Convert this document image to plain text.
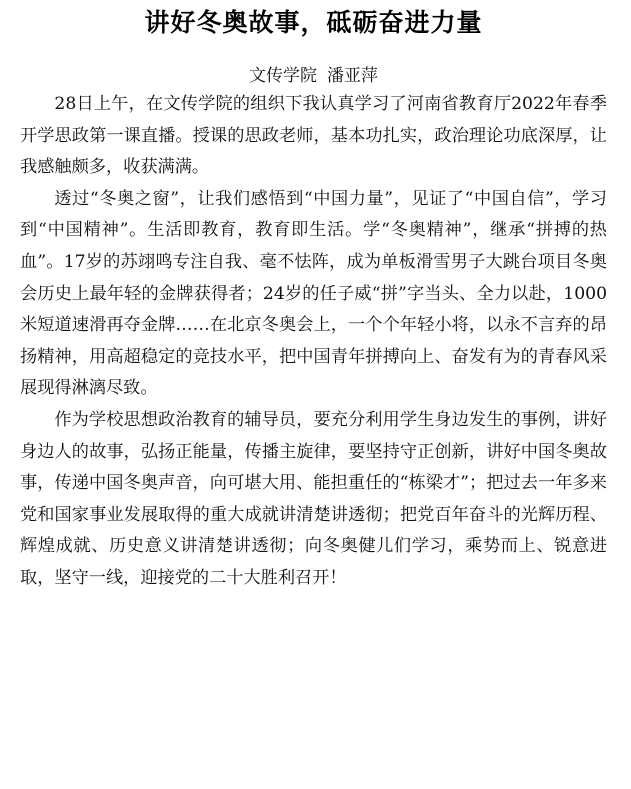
讲好冬奥故事，砥砺奋进力量
文传学院 潘亚萍

28日上午，在文传学院的组织下我认真学习了河南省教育厅2022年春季开学思政第一课直播。授课的思政老师，基本功扎实，政治理论功底深厚，让我感触颇多，收获满满。

透过“冬奥之窗”，让我们感悟到“中国力量”，见证了“中国自信”，学习到“中国精神”。生活即教育，教育即生活。学“冬奥精神”，继承“拼搏的热血”。17岁的苏翊鸣专注自我、毫不怯阵，成为单板滑雪男子大跳台项目冬奥会历史上最年轻的金牌获得者；24岁的任子威“拼”字当头、全力以赴，1000米短道速滑再夺金牌……在北京冬奥会上，一个个年轻小将，以永不言弃的昂扬精神，用高超稳定的竞技水平，把中国青年拼搏向上、奋发有为的青春风采展现得淋漓尽致。

作为学校思想政治教育的辅导员，要充分利用学生身边发生的事例，讲好身边人的故事，弘扬正能量，传播主旋律，要坚持守正创新，讲好中国冬奥故事，传递中国冬奥声音，向可堪大用、能担重任的“栋梁才”；把过去一年多来党和国家事业发展取得的重大成就讲清楚讲透彻；把党百年奋斗的光辉历程、辉煌成就、历史意义讲清楚讲透彻；向冬奥健儿们学习，乘势而上、锐意进取，坚守一线，迎接党的二十大胜利召开！
